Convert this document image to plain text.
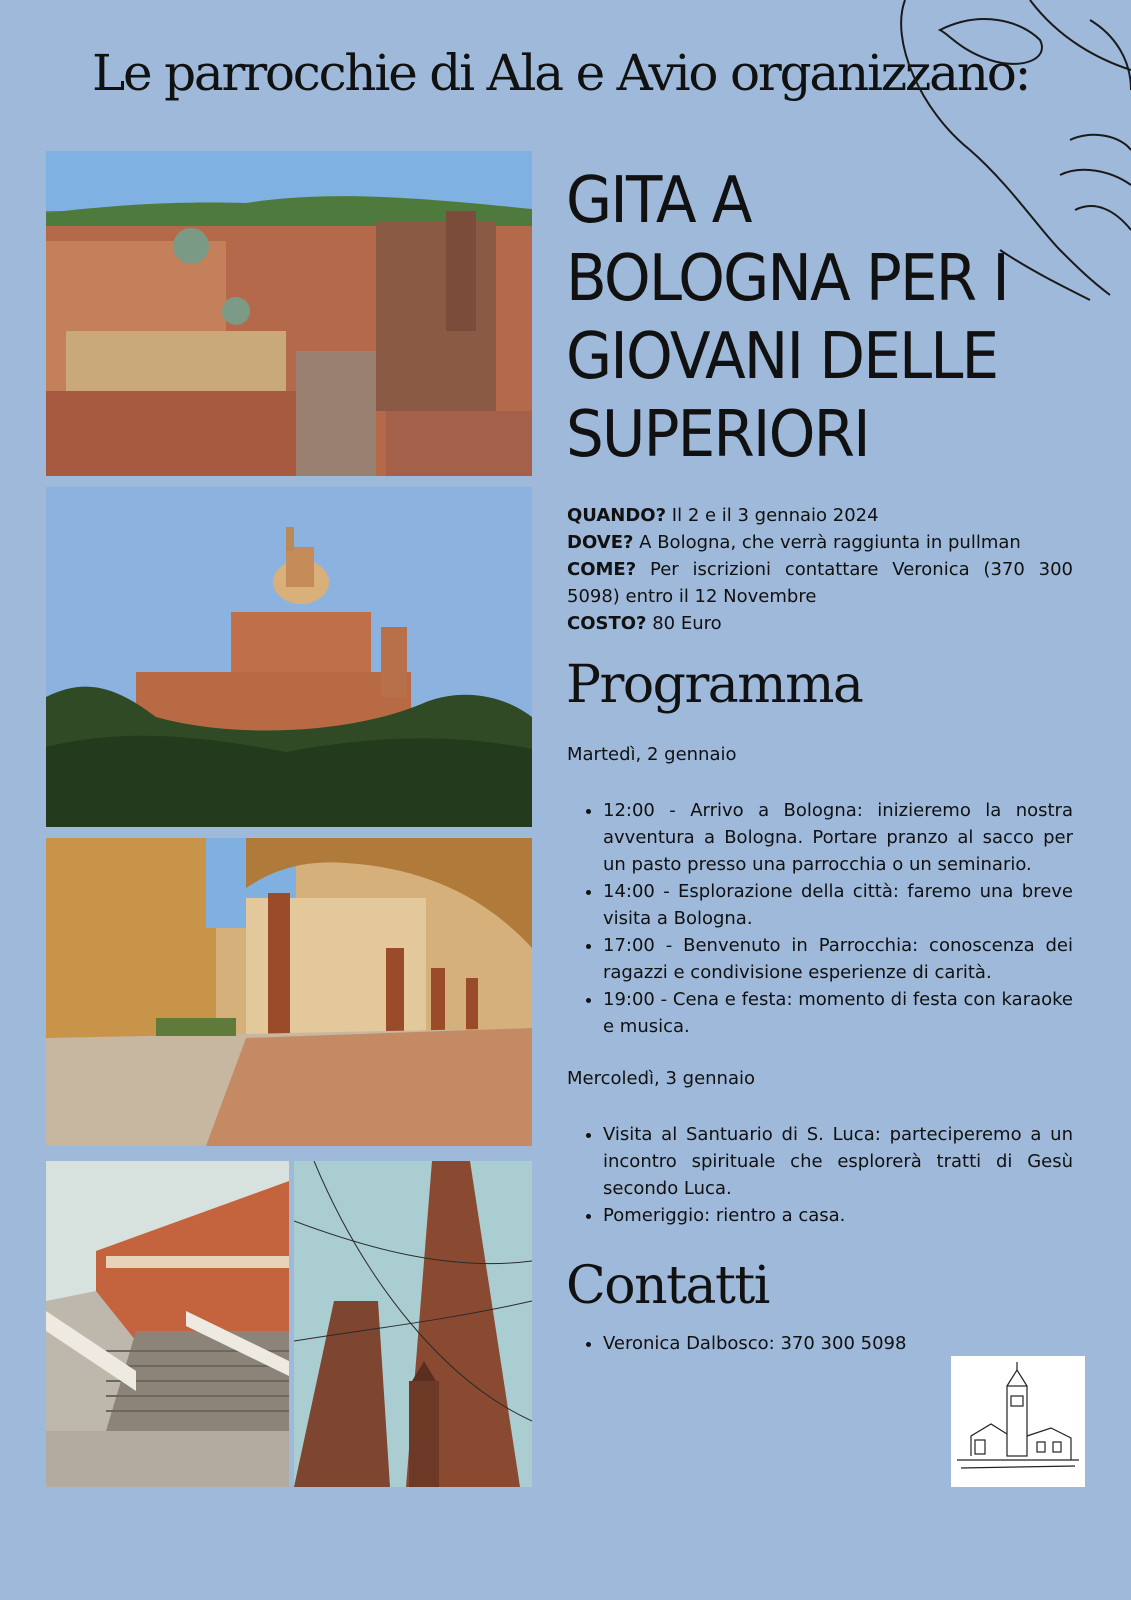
Le parrocchie di Ala e Avio organizzano:
GITA A
BOLOGNA PER I
GIOVANI DELLE
SUPERIORI

QUANDO? Il 2 e il 3 gennaio 2024

DOVE? A Bologna, che verrà raggiunta in pullman

COME? Per iscrizioni contattare Veronica (370 300 5098) entro il 12 Novembre

COSTO? 80 Euro

Programma

Martedì, 2 gennaio

• 12:00 - Arrivo a Bologna: inizieremo la nostra avventura a Bologna. Portare pranzo al sacco per un pasto presso una parrocchia o un seminario.
• 14:00 - Esplorazione della città: faremo una breve visita a Bologna.
• 17:00 - Benvenuto in Parrocchia: conoscenza dei ragazzi e condivisione esperienze di carità.
• 19:00 - Cena e festa: momento di festa con karaoke e musica.

Mercoledì, 3 gennaio

• Visita al Santuario di S. Luca: parteciperemo a un incontro spirituale che esplorerà tratti di Gesù secondo Luca.
• Pomeriggio: rientro a casa.
Contatti
• Veronica Dalbosco: 370 300 5098
